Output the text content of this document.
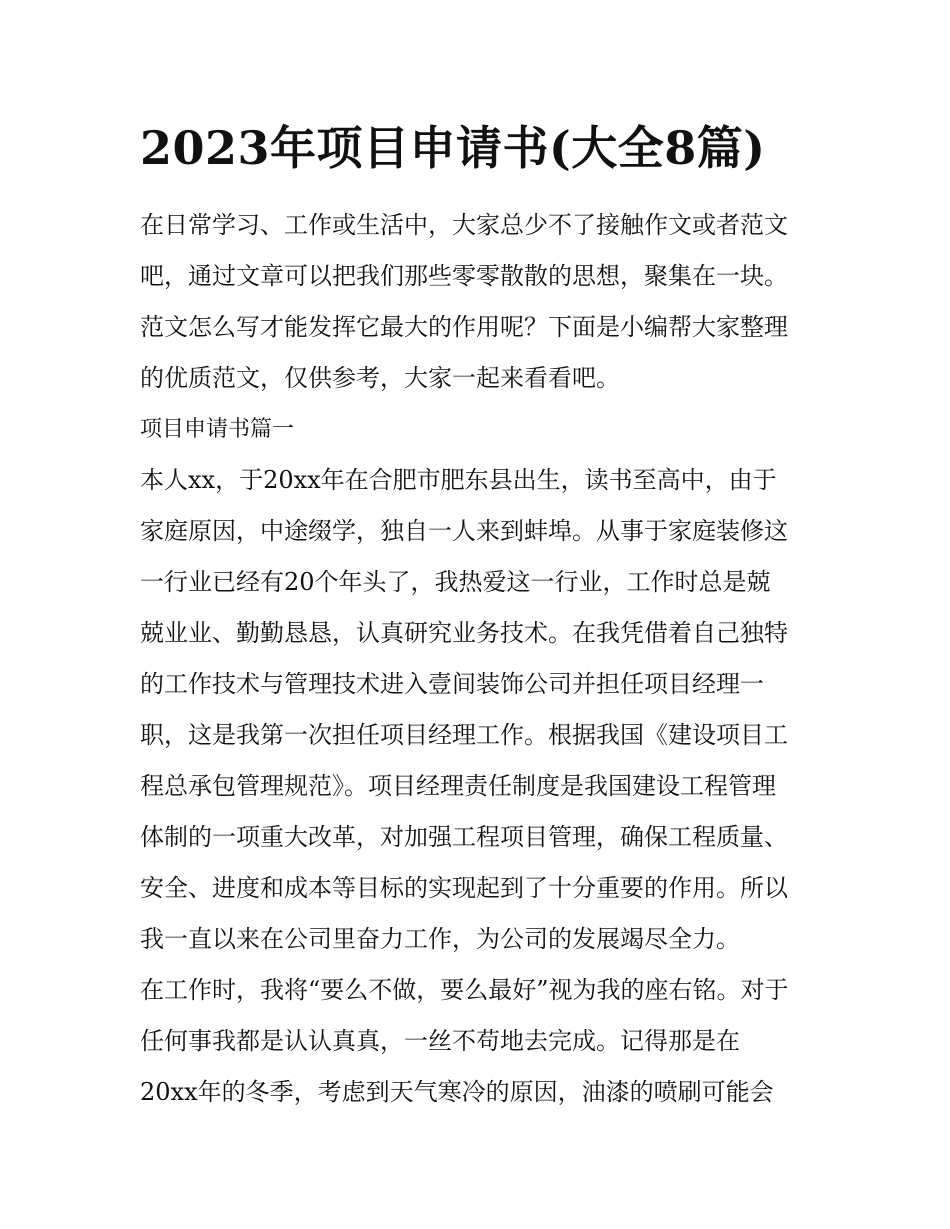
2023年项目申请书(大全8篇)
在日常学习、工作或生活中，大家总少不了接触作文或者范文
吧，通过文章可以把我们那些零零散散的思想，聚集在一块。
范文怎么写才能发挥它最大的作用呢？下面是小编帮大家整理
的优质范文，仅供参考，大家一起来看看吧。
项目申请书篇一
本人xx，于20xx年在合肥市肥东县出生，读书至高中，由于
家庭原因，中途缀学，独自一人来到蚌埠。从事于家庭装修这
一行业已经有20个年头了，我热爱这一行业，工作时总是兢
兢业业、勤勤恳恳，认真研究业务技术。在我凭借着自己独特
的工作技术与管理技术进入壹间装饰公司并担任项目经理一
职，这是我第一次担任项目经理工作。根据我国《建设项目工
程总承包管理规范》。项目经理责任制度是我国建设工程管理
体制的一项重大改革，对加强工程项目管理，确保工程质量、
安全、进度和成本等目标的实现起到了十分重要的作用。所以
我一直以来在公司里奋力工作，为公司的发展竭尽全力。
在工作时，我将“要么不做，要么最好”视为我的座右铭。对于
任何事我都是认认真真，一丝不苟地去完成。记得那是在
20xx年的冬季，考虑到天气寒冷的原因，油漆的喷刷可能会
